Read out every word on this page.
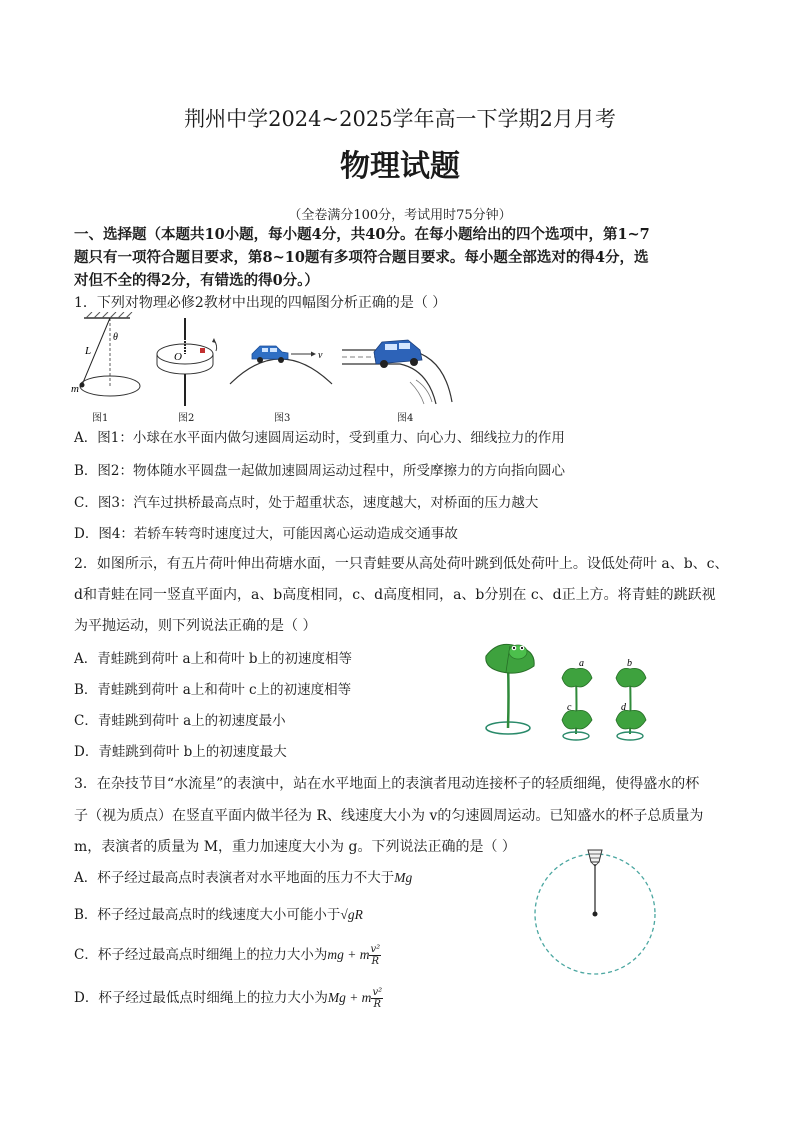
荆州中学2024~2025学年高一下学期2月月考
物理试题
（全卷满分100分，考试用时75分钟）
一、选择题（本题共10小题，每小题4分，共40分。在每小题给出的四个选项中，第1~7
题只有一项符合题目要求，第8~10题有多项符合题目要求。每小题全部选对的得4分，选
对但不全的得2分，有错选的得0分。）
1．下列对物理必修2教材中出现的四幅图分析正确的是（ ）
L
θ
m
O	v
图1	图2	图3	图4
A．图1：小球在水平面内做匀速圆周运动时，受到重力、向心力、细线拉力的作用
B．图2：物体随水平圆盘一起做加速圆周运动过程中，所受摩擦力的方向指向圆心
C．图3：汽车过拱桥最高点时，处于超重状态，速度越大，对桥面的压力越大
D．图4：若轿车转弯时速度过大，可能因离心运动造成交通事故
2．如图所示，有五片荷叶伸出荷塘水面，一只青蛙要从高处荷叶跳到低处荷叶上。设低处荷叶 a、b、c、
d和青蛙在同一竖直平面内，a、b高度相同，c、d高度相同，a、b分别在 c、d正上方。将青蛙的跳跃视
为平抛运动，则下列说法正确的是（ ）
A．青蛙跳到荷叶 a上和荷叶 b上的初速度相等
B．青蛙跳到荷叶 a上和荷叶 c上的初速度相等
C．青蛙跳到荷叶 a上的初速度最小
D．青蛙跳到荷叶 b上的初速度最大
a	b
c	d
3．在杂技节目“水流星”的表演中，站在水平地面上的表演者甩动连接杯子的轻质细绳，使得盛水的杯
子（视为质点）在竖直平面内做半径为 R、线速度大小为 v的匀速圆周运动。已知盛水的杯子总质量为
m，表演者的质量为 M，重力加速度大小为 g。下列说法正确的是（ ）
A．杯子经过最高点时表演者对水平地面的压力不大于Mg
B．杯子经过最高点时的线速度大小可能小于√gR
C．杯子经过最高点时细绳上的拉力大小为mg + m $\frac{\text{v²}}{R}$
D．杯子经过最低点时细绳上的拉力大小为Mg + m $\frac{\text{v²}}{R}$
